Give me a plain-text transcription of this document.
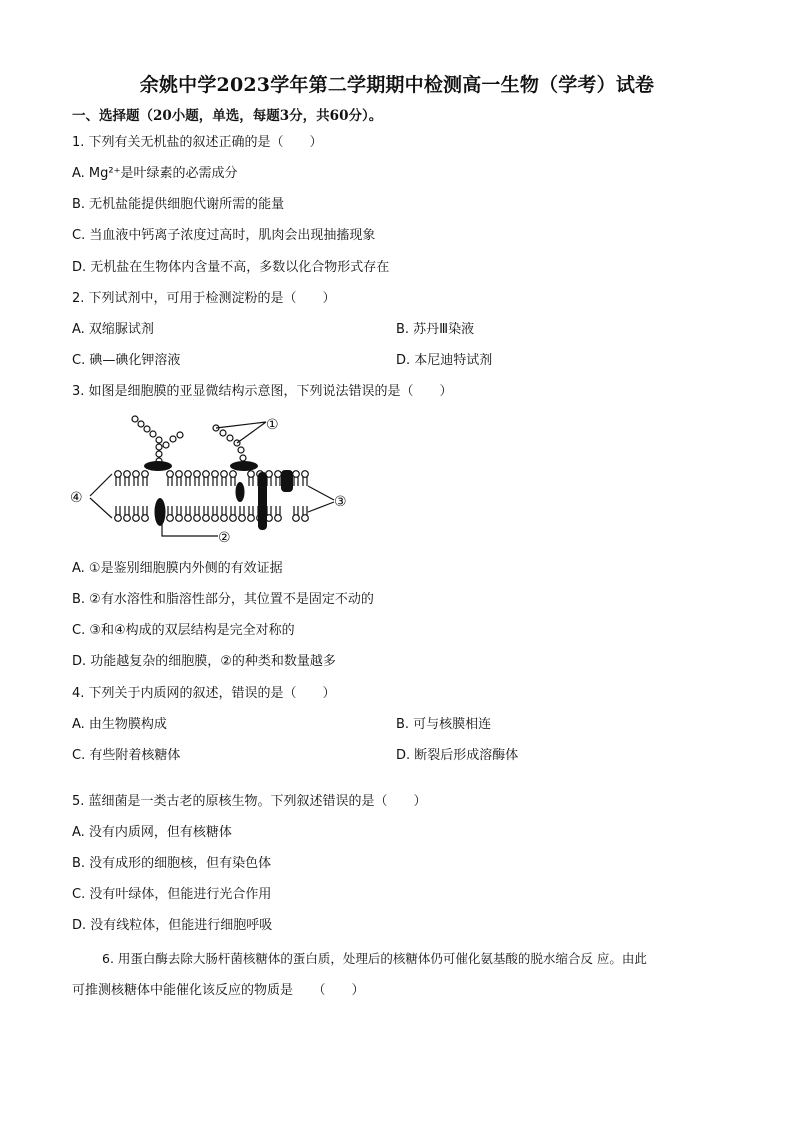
余姚中学2023学年第二学期期中检测高一生物（学考）试卷
一、选择题（20小题，单选，每题3分，共60分）。
1. 下列有关无机盐的叙述正确的是（　　）
A. Mg²⁺是叶绿素的必需成分
B. 无机盐能提供细胞代谢所需的能量
C. 当血液中钙离子浓度过高时，肌肉会出现抽搐现象
D. 无机盐在生物体内含量不高，多数以化合物形式存在
2. 下列试剂中，可用于检测淀粉的是（　　）
A. 双缩脲试剂	B. 苏丹Ⅲ染液
C. 碘—碘化钾溶液	D. 本尼迪特试剂
3. 如图是细胞膜的亚显微结构示意图，下列说法错误的是（　　）
①
②
③
④
A. ①是鉴别细胞膜内外侧的有效证据
B. ②有水溶性和脂溶性部分，其位置不是固定不动的
C. ③和④构成的双层结构是完全对称的
D. 功能越复杂的细胞膜，②的种类和数量越多
4. 下列关于内质网的叙述，错误的是（　　）
A. 由生物膜构成	B. 可与核膜相连
C. 有些附着核糖体	D. 断裂后形成溶酶体
5. 蓝细菌是一类古老的原核生物。下列叙述错误的是（　　）
A. 没有内质网，但有核糖体
B. 没有成形的细胞核，但有染色体
C. 没有叶绿体，但能进行光合作用
D. 没有线粒体，但能进行细胞呼吸
6. 用蛋白酶去除大肠杆菌核糖体的蛋白质，处理后的核糖体仍可催化氨基酸的脱水缩合反 应。由此
可推测核糖体中能催化该反应的物质是　　（　　）
